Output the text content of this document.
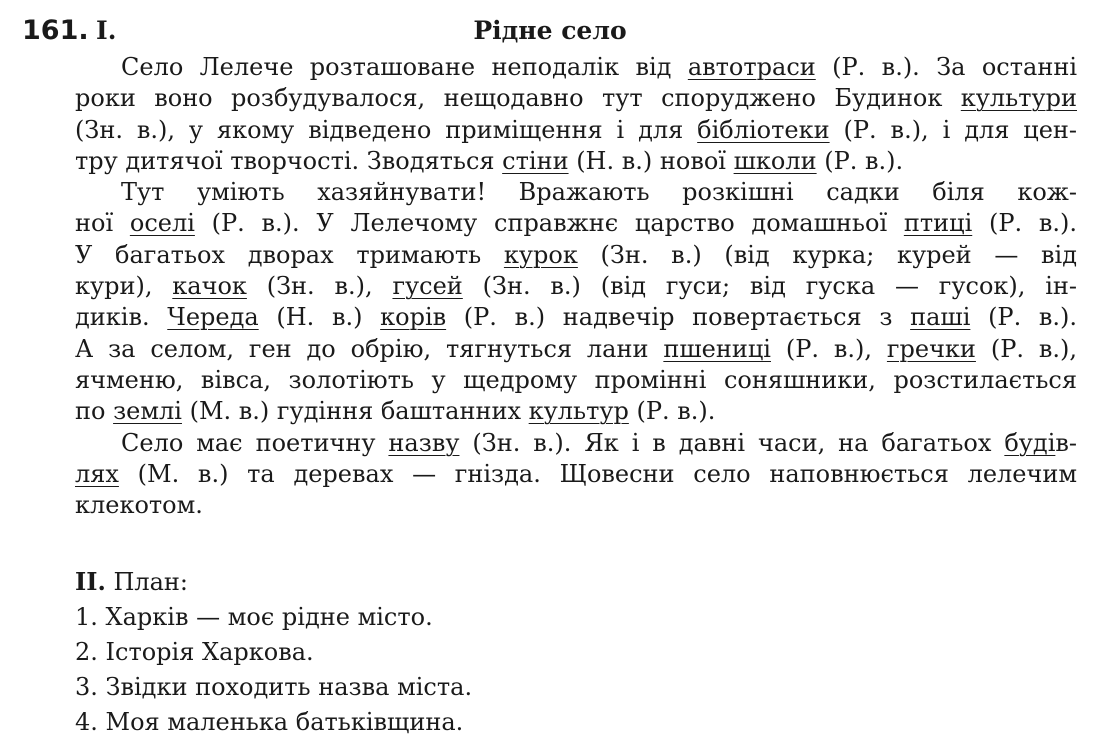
161. I.	Рідне село
Село Лелече розташоване неподалік від автотраси (Р. в.). За останні
роки воно розбудувалося, нещодавно тут споруджено Будинок культури
(Зн. в.), у якому відведено приміщення і для бібліотеки (Р. в.), і для цен-
тру дитячої творчості. Зводяться стіни (Н. в.) нової школи (Р. в.).
Тут уміють хазяйнувати! Вражають розкішні садки біля кож-
ної оселі (Р. в.). У Лелечому справжнє царство домашньої птиці (Р. в.).
У багатьох дворах тримають курок (Зн. в.) (від курка; курей — від
кури), качок (Зн. в.), гусей (Зн. в.) (від гуси; від гуска — гусок), ін-
диків. Череда (Н. в.) корів (Р. в.) надвечір повертається з паші (Р. в.).
А за селом, ген до обрію, тягнуться лани пшениці (Р. в.), гречки (Р. в.),
ячменю, вівса, золотіють у щедрому промінні соняшники, розстилається
по землі (М. в.) гудіння баштанних культур (Р. в.).
Село має поетичну назву (Зн. в.). Як і в давні часи, на багатьох будів-
лях (М. в.) та деревах — гнізда. Щовесни село наповнюється лелечим
клекотом.
II. План:
1. Харків — моє рідне місто.
2. Історія Харкова.
3. Звідки походить назва міста.
4. Моя маленька батьківщина.
